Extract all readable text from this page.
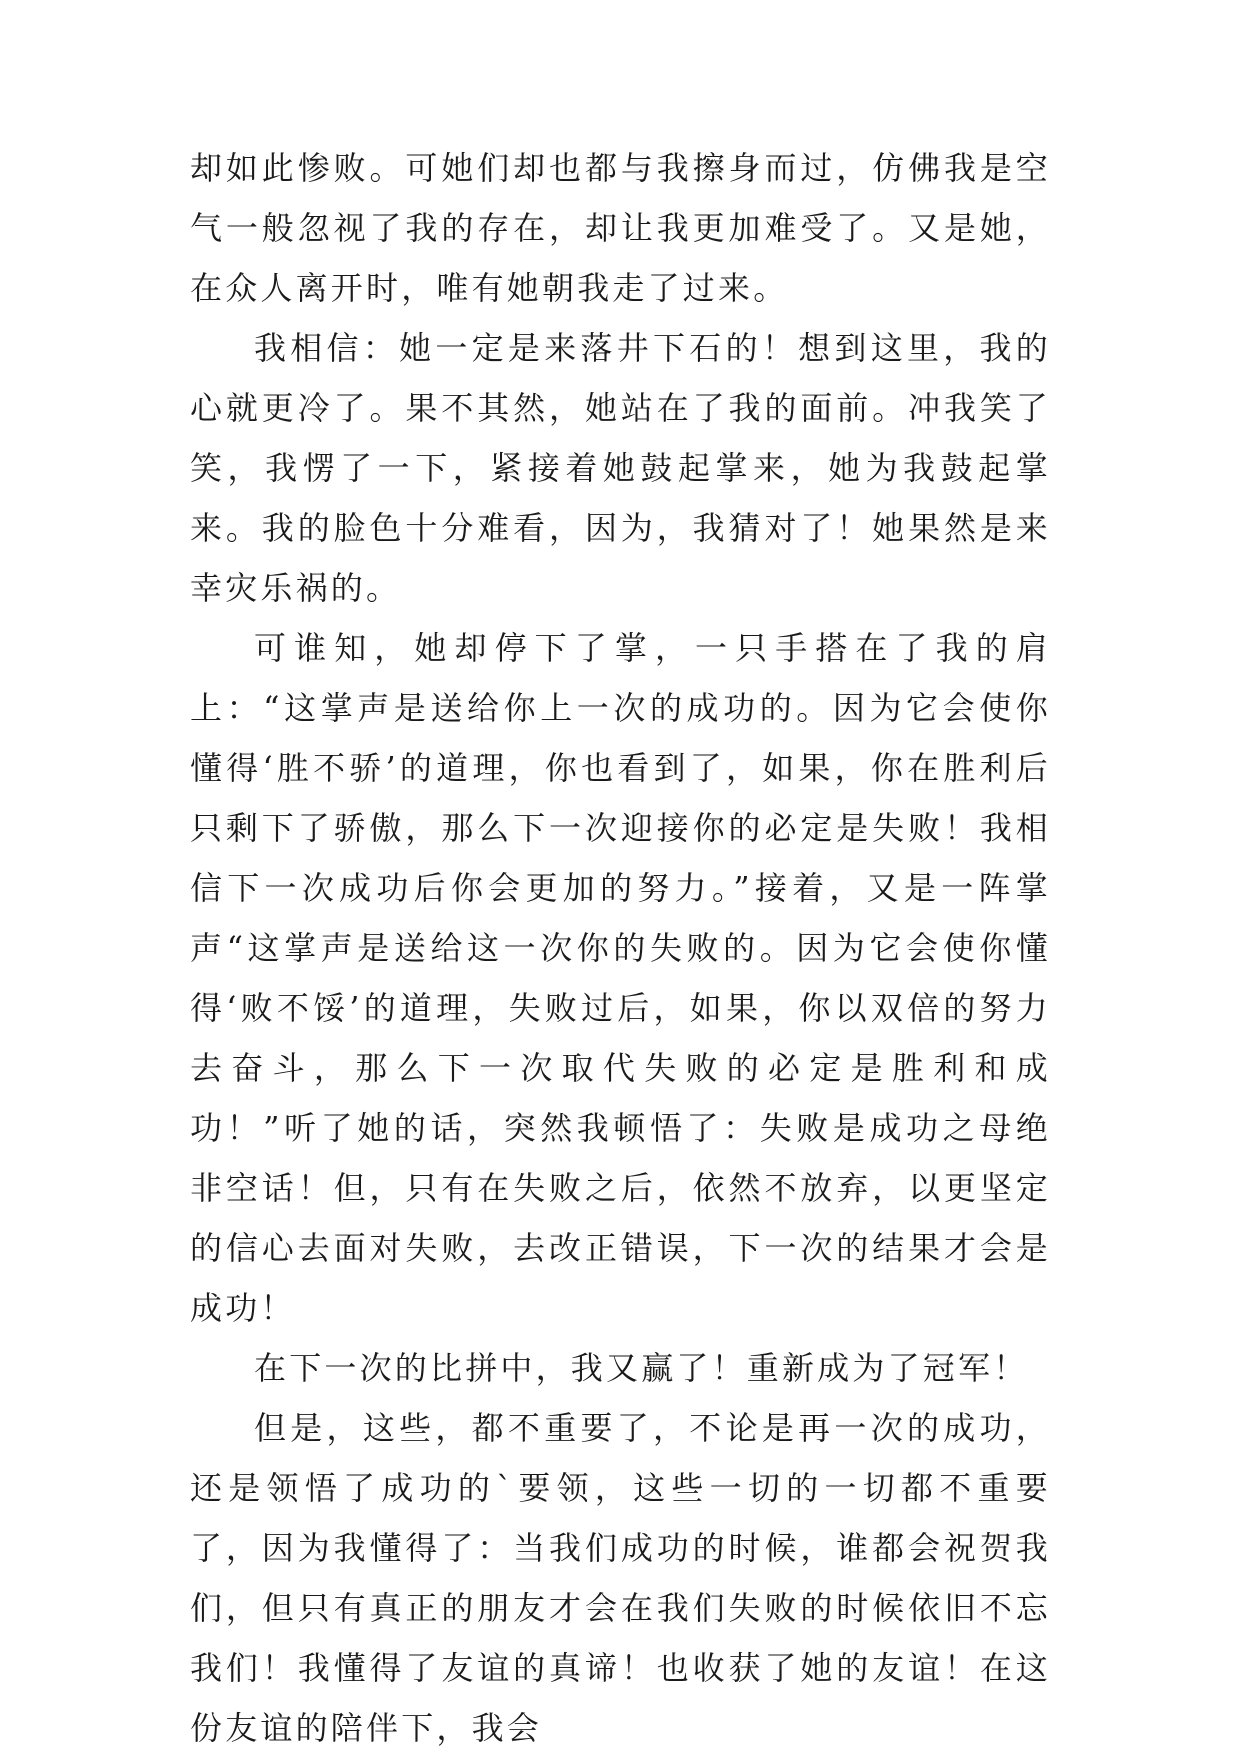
却如此惨败。可她们却也都与我擦身而过，仿佛我是空气一般忽视了我的存在，却让我更加难受了。又是她，在众人离开时，唯有她朝我走了过来。

我相信：她一定是来落井下石的！想到这里，我的心就更冷了。果不其然，她站在了我的面前。冲我笑了笑，我愣了一下，紧接着她鼓起掌来，她为我鼓起掌来。我的脸色十分难看，因为，我猜对了！她果然是来幸灾乐祸的。

可谁知，她却停下了掌，一只手搭在了我的肩上：“这掌声是送给你上一次的成功的。因为它会使你懂得‘胜不骄’的道理，你也看到了，如果，你在胜利后只剩下了骄傲，那么下一次迎接你的必定是失败！我相信下一次成功后你会更加的努力。”接着，又是一阵掌声“这掌声是送给这一次你的失败的。因为它会使你懂得‘败不馁’的道理，失败过后，如果，你以双倍的努力去奋斗，那么下一次取代失败的必定是胜利和成功！”听了她的话，突然我顿悟了：失败是成功之母绝非空话！但，只有在失败之后，依然不放弃，以更坚定的信心去面对失败，去改正错误，下一次的结果才会是成功！

在下一次的比拼中，我又赢了！重新成为了冠军！

但是，这些，都不重要了，不论是再一次的成功，还是领悟了成功的`要领，这些一切的一切都不重要了，因为我懂得了：当我们成功的时候，谁都会祝贺我们，但只有真正的朋友才会在我们失败的时候依旧不忘我们！我懂得了友谊的真谛！也收获了她的友谊！在这份友谊的陪伴下，我会
